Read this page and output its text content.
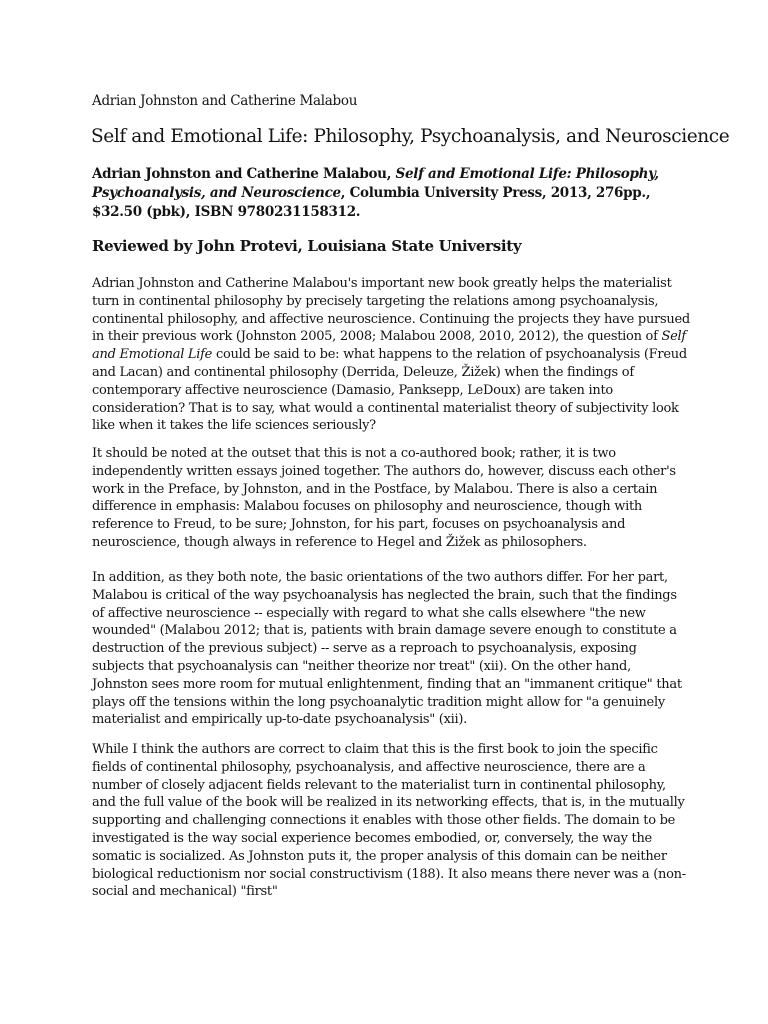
Adrian Johnston and Catherine Malabou
Self and Emotional Life: Philosophy, Psychoanalysis, and Neuroscience
Adrian Johnston and Catherine Malabou, Self and Emotional Life: Philosophy, Psychoanalysis, and Neuroscience, Columbia University Press, 2013, 276pp., $32.50 (pbk), ISBN 9780231158312.
Reviewed by John Protevi, Louisiana State University

Adrian Johnston and Catherine Malabou's important new book greatly helps the materialist turn in continental philosophy by precisely targeting the relations among psychoanalysis, continental philosophy, and affective neuroscience. Continuing the projects they have pursued in their previous work (Johnston 2005, 2008; Malabou 2008, 2010, 2012), the question of Self and Emotional Life could be said to be: what happens to the relation of psychoanalysis (Freud and Lacan) and continental philosophy (Derrida, Deleuze, Žižek) when the findings of contemporary affective neuroscience (Damasio, Panksepp, LeDoux) are taken into consideration? That is to say, what would a continental materialist theory of subjectivity look like when it takes the life sciences seriously?

It should be noted at the outset that this is not a co-authored book; rather, it is two independently written essays joined together. The authors do, however, discuss each other's work in the Preface, by Johnston, and in the Postface, by Malabou. There is also a certain difference in emphasis: Malabou focuses on philosophy and neuroscience, though with reference to Freud, to be sure; Johnston, for his part, focuses on psychoanalysis and neuroscience, though always in reference to Hegel and Žižek as philosophers.

In addition, as they both note, the basic orientations of the two authors differ. For her part, Malabou is critical of the way psychoanalysis has neglected the brain, such that the findings of affective neuroscience -- especially with regard to what she calls elsewhere "the new wounded" (Malabou 2012; that is, patients with brain damage severe enough to constitute a destruction of the previous subject) -- serve as a reproach to psychoanalysis, exposing subjects that psychoanalysis can "neither theorize nor treat" (xii). On the other hand, Johnston sees more room for mutual enlightenment, finding that an "immanent critique" that plays off the tensions within the long psychoanalytic tradition might allow for "a genuinely materialist and empirically up-to-date psychoanalysis" (xii).

While I think the authors are correct to claim that this is the first book to join the specific fields of continental philosophy, psychoanalysis, and affective neuroscience, there are a number of closely adjacent fields relevant to the materialist turn in continental philosophy, and the full value of the book will be realized in its networking effects, that is, in the mutually supporting and challenging connections it enables with those other fields. The domain to be investigated is the way social experience becomes embodied, or, conversely, the way the somatic is socialized. As Johnston puts it, the proper analysis of this domain can be neither biological reductionism nor social constructivism (188). It also means there never was a (non-social and mechanical) "first"
